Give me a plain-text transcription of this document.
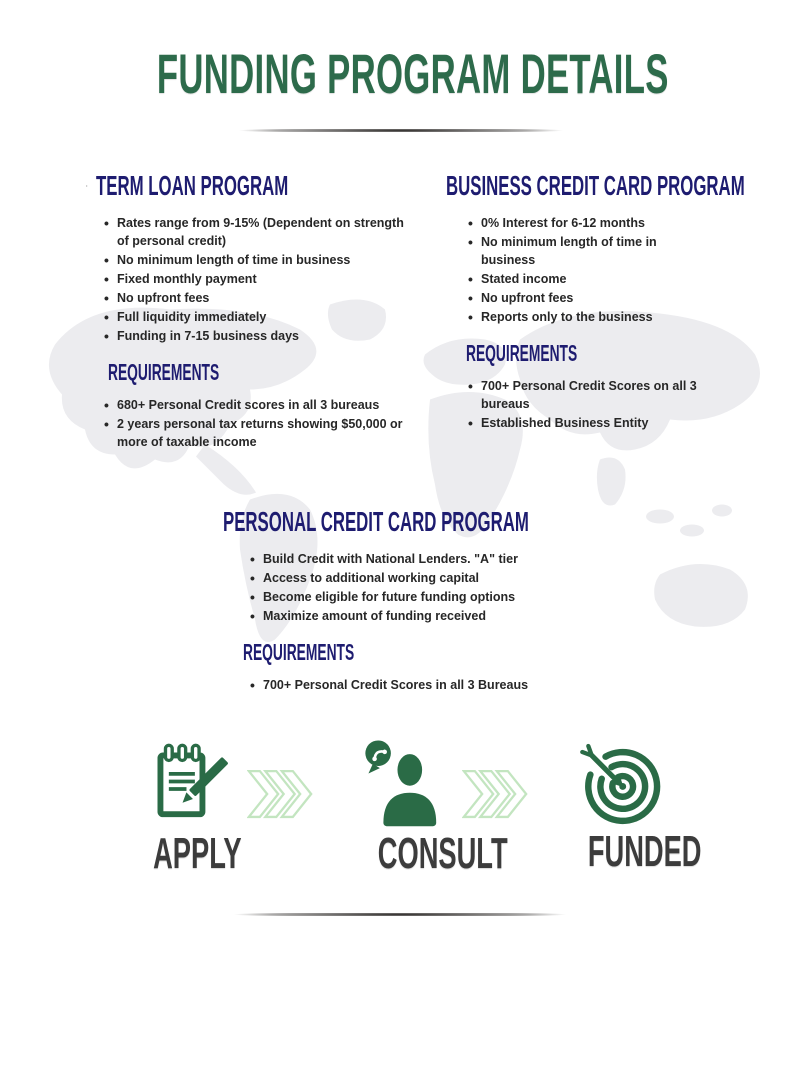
FUNDING PROGRAM DETAILS
TERM LOAN PROGRAM
• Rates range from 9-15% (Dependent on strength of personal credit)
• No minimum length of time in business
• Fixed monthly payment
• No upfront fees
• Full liquidity immediately
• Funding in 7-15 business days
REQUIREMENTS
• 680+ Personal Credit scores in all 3 bureaus
• 2 years personal tax returns showing $50,000 or more of taxable income
BUSINESS CREDIT CARD PROGRAM
• 0% Interest for 6-12 months
• No minimum length of time in business
• Stated income
• No upfront fees
• Reports only to the business
REQUIREMENTS
• 700+ Personal Credit Scores on all 3 bureaus
• Established Business Entity
PERSONAL CREDIT CARD PROGRAM
• Build Credit with National Lenders. "A" tier
• Access to additional working capital
• Become eligible for future funding options
• Maximize amount of funding received
REQUIREMENTS
• 700+ Personal Credit Scores in all 3 Bureaus
APPLY	CONSULT	FUNDED
